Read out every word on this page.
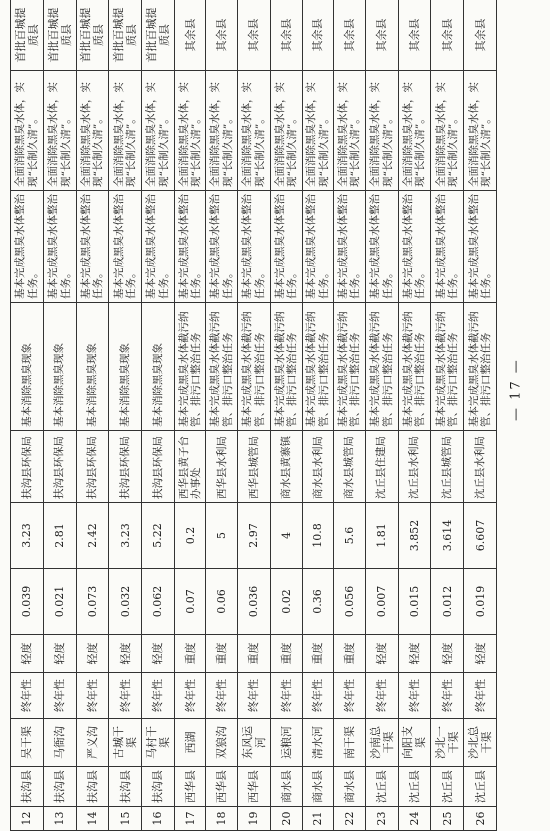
12	扶沟县	吴干渠	终年性	轻度	0.039	3.23	扶沟县环保局	基本消除黑臭现象	基本完成黑臭水体整治任务。	全面消除黑臭水体，实现“长制久清”。	首批百城提质县
13	扶沟县	马衙沟	终年性	轻度	0.021	2.81	扶沟县环保局	基本消除黑臭现象	基本完成黑臭水体整治任务。	全面消除黑臭水体，实现“长制久清”。	首批百城提质县
14	扶沟县	严义沟	终年性	轻度	0.073	2.42	扶沟县环保局	基本消除黑臭现象	基本完成黑臭水体整治任务。	全面消除黑臭水体，实现“长制久清”。	首批百城提质县
15	扶沟县	古城干渠	终年性	轻度	0.032	3.23	扶沟县环保局	基本消除黑臭现象	基本完成黑臭水体整治任务。	全面消除黑臭水体，实现“长制久清”。	首批百城提质县
16	扶沟县	马村干渠	终年性	轻度	0.062	5.22	扶沟县环保局	基本消除黑臭现象	基本完成黑臭水体整治任务。	全面消除黑臭水体，实现“长制久清”。	首批百城提质县
17	西华县	西湖	终年性	重度	0.07	0.2	西华县黄子台办事处	基本完成黑臭水体截污纳管、排污口整治任务	基本完成黑臭水体整治任务。	全面消除黑臭水体，实现“长制久清”。	其余县
18	西华县	双狼沟	终年性	重度	0.06	5	西华县水利局	基本完成黑臭水体截污纳管、排污口整治任务	基本完成黑臭水体整治任务。	全面消除黑臭水体，实现“长制久清”。	其余县
19	西华县	东风运河	终年性	重度	0.036	2.97	西华县城管局	基本完成黑臭水体截污纳管、排污口整治任务	基本完成黑臭水体整治任务。	全面消除黑臭水体，实现“长制久清”。	其余县
20	商水县	运粮河	终年性	重度	0.02	4	商水县黄寨镇	基本完成黑臭水体截污纳管、排污口整治任务	基本完成黑臭水体整治任务。	全面消除黑臭水体，实现“长制久清”。	其余县
21	商水县	清水河	终年性	重度	0.36	10.8	商水县水利局	基本完成黑臭水体截污纳管、排污口整治任务	基本完成黑臭水体整治任务。	全面消除黑臭水体，实现“长制久清”。	其余县
22	商水县	南干渠	终年性	重度	0.056	5.6	商水县城管局	基本完成黑臭水体截污纳管、排污口整治任务	基本完成黑臭水体整治任务。	全面消除黑臭水体，实现“长制久清”。	其余县
23	沈丘县	沙南总干渠	终年性	轻度	0.007	1.81	沈丘县住建局	基本完成黑臭水体截污纳管、排污口整治任务	基本完成黑臭水体整治任务。	全面消除黑臭水体，实现“长制久清”。	其余县
24	沈丘县	向阳支渠	终年性	轻度	0.015	3.852	沈丘县水利局	基本完成黑臭水体截污纳管、排污口整治任务	基本完成黑臭水体整治任务。	全面消除黑臭水体，实现“长制久清”。	其余县
25	沈丘县	沙北一干渠	终年性	轻度	0.012	3.614	沈丘县城管局	基本完成黑臭水体截污纳管、排污口整治任务	基本完成黑臭水体整治任务。	全面消除黑臭水体，实现“长制久清”。	其余县
26	沈丘县	沙北总干渠	终年性	轻度	0.019	6.607	沈丘县水利局	基本完成黑臭水体截污纳管、排污口整治任务	基本完成黑臭水体整治任务。	全面消除黑臭水体，实现“长制久清”。	其余县
— 17 —
